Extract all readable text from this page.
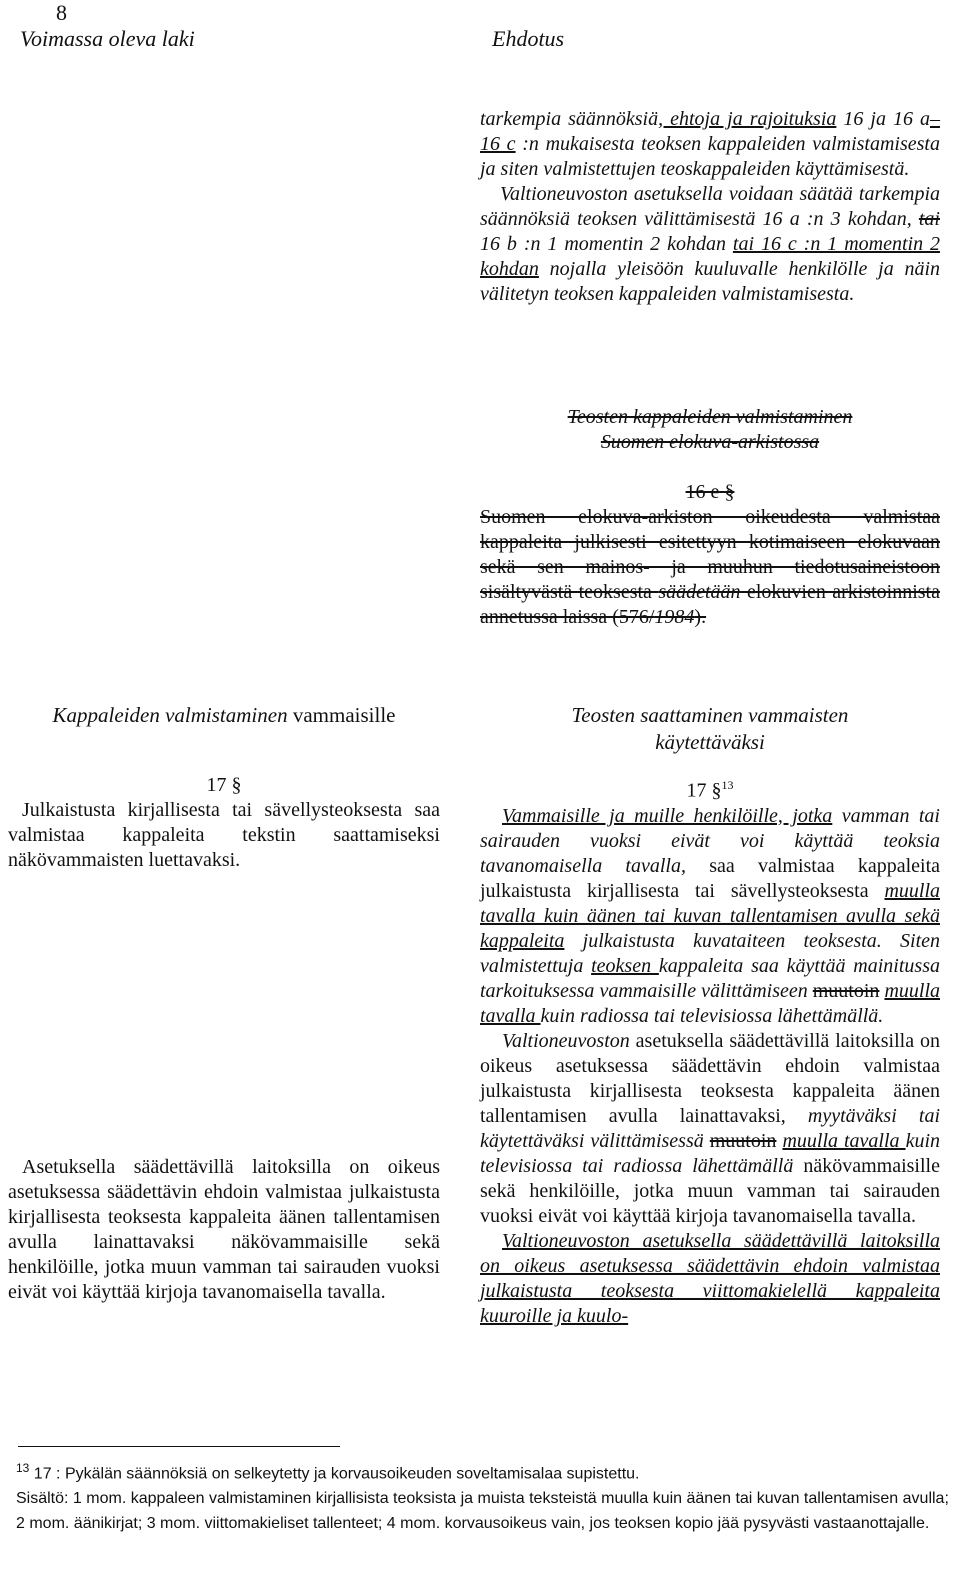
8
Voimassa oleva laki	Ehdotus

tarkempia säännöksiä, ehtoja ja rajoituksia 16 ja 16 a–16 c :n mukaisesta teoksen kappaleiden valmistamisesta ja siten valmistettujen teoskappaleiden käyttämisestä.

Valtioneuvoston asetuksella voidaan säätää tarkempia säännöksiä teoksen välittämisestä 16 a :n 3 kohdan, tai 16 b :n 1 momentin 2 kohdan tai 16 c :n 1 momentin 2 kohdan nojalla yleisöön kuuluvalle henkilölle ja näin välitetyn teoksen kappaleiden valmistamisesta.

Teosten kappaleiden valmistaminen
Suomen elokuva-arkistossa
16 e §

Suomen elokuva-arkiston oikeudesta valmistaa kappaleita julkisesti esitettyyn kotimaiseen elokuvaan sekä sen mainos- ja muuhun tiedotusaineistoon sisältyvästä teoksesta säädetään elokuvien arkistoinnista annetussa laissa (576/1984).

Kappaleiden valmistaminen vammaisille
17 §

Julkaistusta kirjallisesta tai sävellysteoksesta saa valmistaa kappaleita tekstin saattamiseksi näkövammaisten luettavaksi.

Asetuksella säädettävillä laitoksilla on oikeus asetuksessa säädettävin ehdoin valmistaa julkaistusta kirjallisesta teoksesta kappaleita äänen tallentamisen avulla lainattavaksi näkövammaisille sekä henkilöille, jotka muun vamman tai sairauden vuoksi eivät voi käyttää kirjoja tavanomaisella tavalla.

Teosten saattaminen vammaisten
käytettäväksi
17 §$^{13}$

Vammaisille ja muille henkilöille, jotka vamman tai sairauden vuoksi eivät voi käyttää teoksia tavanomaisella tavalla, saa valmistaa kappaleita julkaistusta kirjallisesta tai sävellysteoksesta muulla tavalla kuin äänen tai kuvan tallentamisen avulla sekä kappaleita julkaistusta kuvataiteen teoksesta. Siten valmistettuja teoksen kappaleita saa käyttää mainitussa tarkoituksessa vammaisille välittämiseen muutoin muulla tavalla kuin radiossa tai televisiossa lähettämällä.

Valtioneuvoston asetuksella säädettävillä laitoksilla on oikeus asetuksessa säädettävin ehdoin valmistaa julkaistusta kirjallisesta teoksesta kappaleita äänen tallentamisen avulla lainattavaksi, myytäväksi tai käytettäväksi välittämisessä muutoin muulla tavalla kuin televisiossa tai radiossa lähettämällä näkövammaisille sekä henkilöille, jotka muun vamman tai sairauden vuoksi eivät voi käyttää kirjoja tavanomaisella tavalla.

Valtioneuvoston asetuksella säädettävillä laitoksilla on oikeus asetuksessa säädettävin ehdoin valmistaa julkaistusta teoksesta viittomakielellä kappaleita kuuroille ja kuulo-

$^{13}$ 17 : Pykälän säännöksiä on selkeytetty ja korvausoikeuden soveltamisalaa supistettu.
Sisältö: 1 mom. kappaleen valmistaminen kirjallisista teoksista ja muista teksteistä muulla kuin äänen tai kuvan tallentamisen avulla; 2 mom. äänikirjat; 3 mom. viittomakieliset tallenteet; 4 mom. korvausoikeus vain, jos teoksen kopio jää pysyvästi vastaanottajalle.
